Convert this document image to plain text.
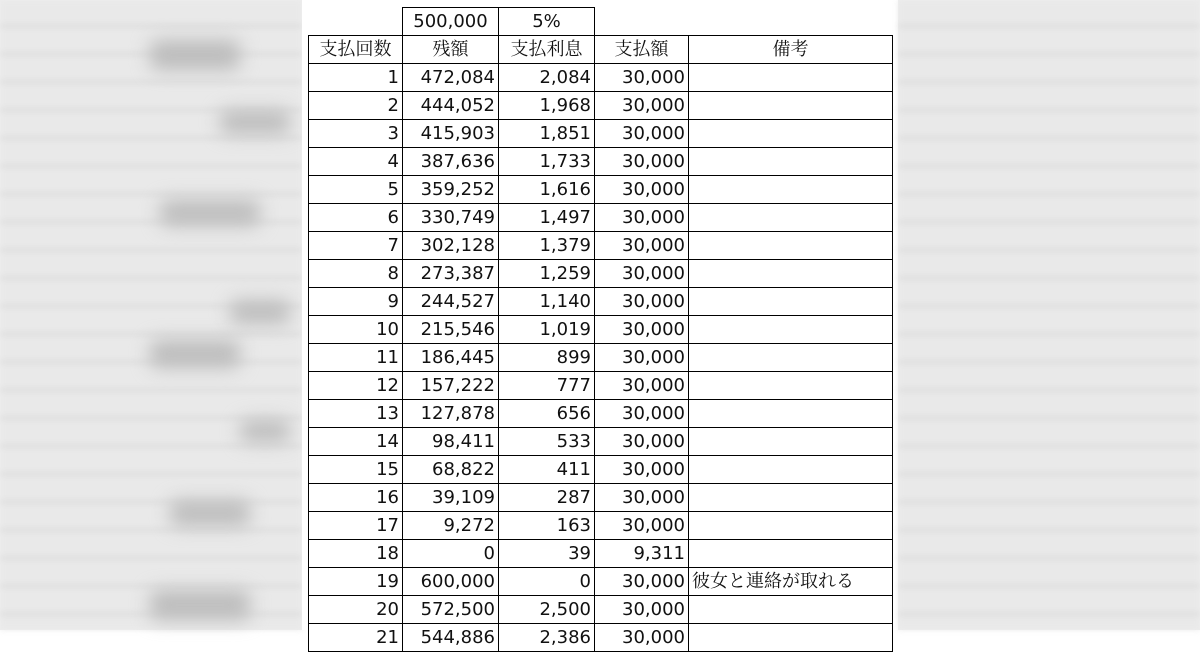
	500,000	5%		
支払回数	残額	支払利息	支払額	備考
1	472,084	2,084	30,000	
2	444,052	1,968	30,000	
3	415,903	1,851	30,000	
4	387,636	1,733	30,000	
5	359,252	1,616	30,000	
6	330,749	1,497	30,000	
7	302,128	1,379	30,000	
8	273,387	1,259	30,000	
9	244,527	1,140	30,000	
10	215,546	1,019	30,000	
11	186,445	899	30,000	
12	157,222	777	30,000	
13	127,878	656	30,000	
14	98,411	533	30,000	
15	68,822	411	30,000	
16	39,109	287	30,000	
17	9,272	163	30,000	
18	0	39	9,311	
19	600,000	0	30,000	彼女と連絡が取れる
20	572,500	2,500	30,000	
21	544,886	2,386	30,000	
